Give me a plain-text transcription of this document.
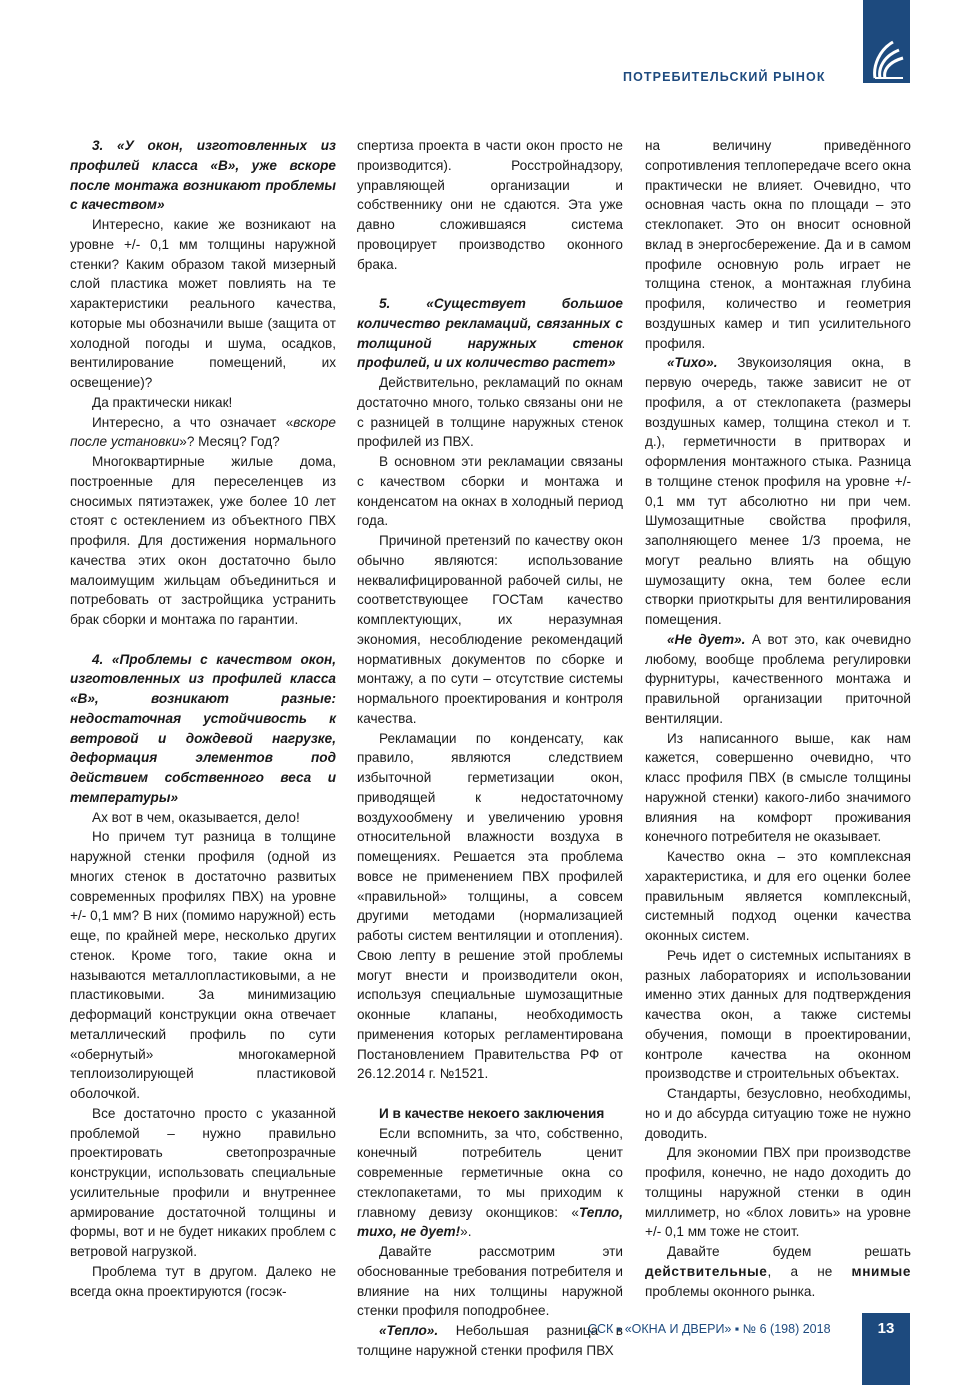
ПОТРЕБИТЕЛЬСКИЙ РЫНОК

3. «У окон, изготовленных из профилей класса «В», уже вскоре после монтажа возникают проблемы с качеством»

Интересно, какие же возникают на уровне +/- 0,1 мм толщины наружной стенки? Каким образом такой мизерный слой пластика может повлиять на те характеристики реального качества, которые мы обозначили выше (защита от холодной погоды и шума, осадков, вентилирование помещений, их освещение)?

Да практически никак!

Интересно, а что означает «вскоре после установки»? Месяц? Год?

Многоквартирные жилые дома, построенные для переселенцев из сносимых пятиэтажек, уже более 10 лет стоят с остеклением из объектного ПВХ профиля. Для достижения нормального качества этих окон достаточно было малоимущим жильцам объединиться и потребовать от застройщика устранить брак сборки и монтажа по гарантии.

4. «Проблемы с качеством окон, изготовленных из профилей класса «В», возникают разные: недостаточная устойчивость к ветровой и дождевой нагрузке, деформация элементов под действием собственного веса и температуры»

Ах вот в чем, оказывается, дело!

Но причем тут разница в толщине наружной стенки профиля (одной из многих стенок в достаточно развитых современных профилях ПВХ) на уровне +/- 0,1 мм? В них (помимо наружной) есть еще, по крайней мере, несколько других стенок. Кроме того, такие окна и называются металлопластиковыми, а не пластиковыми. За минимизацию деформаций конструкции окна отвечает металлический профиль по сути «обернутый» многокамерной теплоизолирующей пластиковой оболочкой.

Все достаточно просто с указанной проблемой – нужно правильно проектировать светопрозрачные конструкции, использовать специальные усилительные профили и внутреннее армирование достаточной толщины и формы, вот и не будет никаких проблем с ветровой нагрузкой.

Проблема тут в другом. Далеко не всегда окна проектируются (госэк-

спертиза проекта в части окон просто не производится). Росстройнадзору, управляющей организации и собственнику они не сдаются. Эта уже давно сложившаяся система провоцирует производство оконного брака.

5. «Существует большое количество рекламаций, связанных с толщиной наружных стенок профилей, и их количество растет»

Действительно, рекламаций по окнам достаточно много, только связаны они не с разницей в толщине наружных стенок профилей из ПВХ.

В основном эти рекламации связаны с качеством сборки и монтажа и конденсатом на окнах в холодный период года.

Причиной претензий по качеству окон обычно являются: использование неквалифицированной рабочей силы, не соответствующее ГОСТам качество комплектующих, их неразумная экономия, несоблюдение рекомендаций нормативных документов по сборке и монтажу, а по сути – отсутствие системы нормального проектирования и контроля качества.

Рекламации по конденсату, как правило, являются следствием избыточной герметизации окон, приводящей к недостаточному воздухообмену и увеличению уровня относительной влажности воздуха в помещениях. Решается эта проблема вовсе не применением ПВХ профилей «правильной» толщины, а совсем другими методами (нормализацией работы систем вентиляции и отопления). Свою лепту в решение этой проблемы могут внести и производители окон, используя специальные шумозащитные оконные клапаны, необходимость применения которых регламентирована Постановлением Правительства РФ от 26.12.2014 г. №1521.

И в качестве некоего заключения

Если вспомнить, за что, собственно, конечный потребитель ценит современные герметичные окна со стеклопакетами, то мы приходим к главному девизу оконщиков: «Тепло, тихо, не дует!».

Давайте рассмотрим эти обоснованные требования потребителя и влияние на них толщины наружной стенки профиля поподробнее.

«Тепло». Небольшая разница в толщине наружной стенки профиля ПВХ

на величину приведённого сопротивления теплопередаче всего окна практически не влияет. Очевидно, что основная часть окна по площади – это стеклопакет. Это он вносит основной вклад в энергосбережение. Да и в самом профиле основную роль играет не толщина стенок, а монтажная глубина профиля, количество и геометрия воздушных камер и тип усилительного профиля.

«Тихо». Звукоизоляция окна, в первую очередь, также зависит не от профиля, а от стеклопакета (размеры воздушных камер, толщина стекол и т. д.), герметичности в притворах и оформления монтажного стыка. Разница в толщине стенок профиля на уровне +/- 0,1 мм тут абсолютно ни при чем. Шумозащитные свойства профиля, заполняющего менее 1/3 проема, не могут реально влиять на общую шумозащиту окна, тем более если створки приоткрыты для вентилирования помещения.

«Не дует». А вот это, как очевидно любому, вообще проблема регулировки фурнитуры, качественного монтажа и правильной организации приточной вентиляции.

Из написанного выше, как нам кажется, совершенно очевидно, что класс профиля ПВХ (в смысле толщины наружной стенки) какого-либо значимого влияния на комфорт проживания конечного потребителя не оказывает.

Качество окна – это комплексная характеристика, и для его оценки более правильным является комплексный, системный подход оценки качества оконных систем.

Речь идет о системных испытаниях в разных лабораториях и использовании именно этих данных для подтверждения качества окон, а также системы обучения, помощи в проектировании, контроле качества на оконном производстве и строительных объектах.

Стандарты, безусловно, необходимы, но и до абсурда ситуацию тоже не нужно доводить.

Для экономии ПВХ при производстве профиля, конечно, не надо доходить до толщины наружной стенки в один миллиметр, но «блох ловить» на уровне +/- 0,1 мм тоже не стоит.

Давайте будем решать действительные, а не мнимые проблемы оконного рынка.

ССК ▪ «ОКНА И ДВЕРИ» ▪ № 6 (198) 2018	13
